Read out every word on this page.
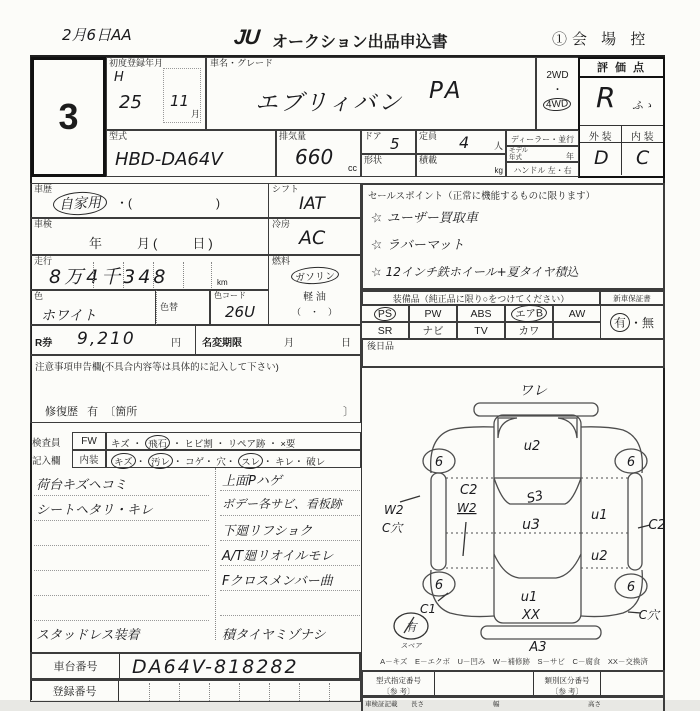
2月6日AA	JU オークション出品申込書	①会 場 控
3
初度登録年月
H
25 11
月
車名・グレード
エブリィバン PA
2WD
・
4WD
評 価 点
R ふゝ
外 装	内 装
D C
型式
HBD-DA64V
排気量
660 cc
ドア 5
形状
定員 4	人
積載
kg
ディーラー・並行
モデル
年式	年
ハンドル 左・右
車歴
自家用	・(　　　　　　　)
シフト
IAT
車検
年　　月(　　日)
冷房
AC
走行
8万4千348	km
燃料
ガソリン
軽 油
（　・　）
色
ホワイト
色替
色コード
26U
R券 9,210	円 名変期限	月	日
注意事項申告欄(不具合内容等は具体的に記入して下さい)
修復歴 有 〔箇所	〕
検査員	FW	キズ ・ 飛石 ・ ヒビ割 ・ リペア跡 ・ ×要
記入欄	内装	キズ ・ 汚レ ・ コゲ・ 穴・ スレ ・ キレ・ 破レ
荷台キズヘコミ
シートヘタリ・キレ
上面Pハゲ
ボデー各サビ、看板跡
下廻リフショク
A/T廻リオイルモレ
Fクロスメンバー曲
スタッドレス装着	積タイヤミゾナシ
車台番号	DA64V-818282
登録番号
セールスポイント（正常に機能するものに限ります）
☆ ユーザー買取車
☆ ラバーマット
☆ 12インチ鉄ホイール+夏タイヤ積込
装備品（純正品に限り○をつけてください）	新車保証書
PS	PW	ABS	エアB	AW
SR	ナビ	TV	カワ
有 ・ 無
後日品
ワレ
u2
6	6
6	6
W2
C穴
C2
W2
S3
u3
u1
u2
C2
u1
XX
A3
C1
有
スペア
C穴
A－キズ　E－エクボ　U－凹み　W－補修跡　S－サビ　C－腐食　XX－交換済
型式指定番号
〔参 考〕
類別区分番号
〔参 考〕
車検証記載 長さ	幅	高さ
